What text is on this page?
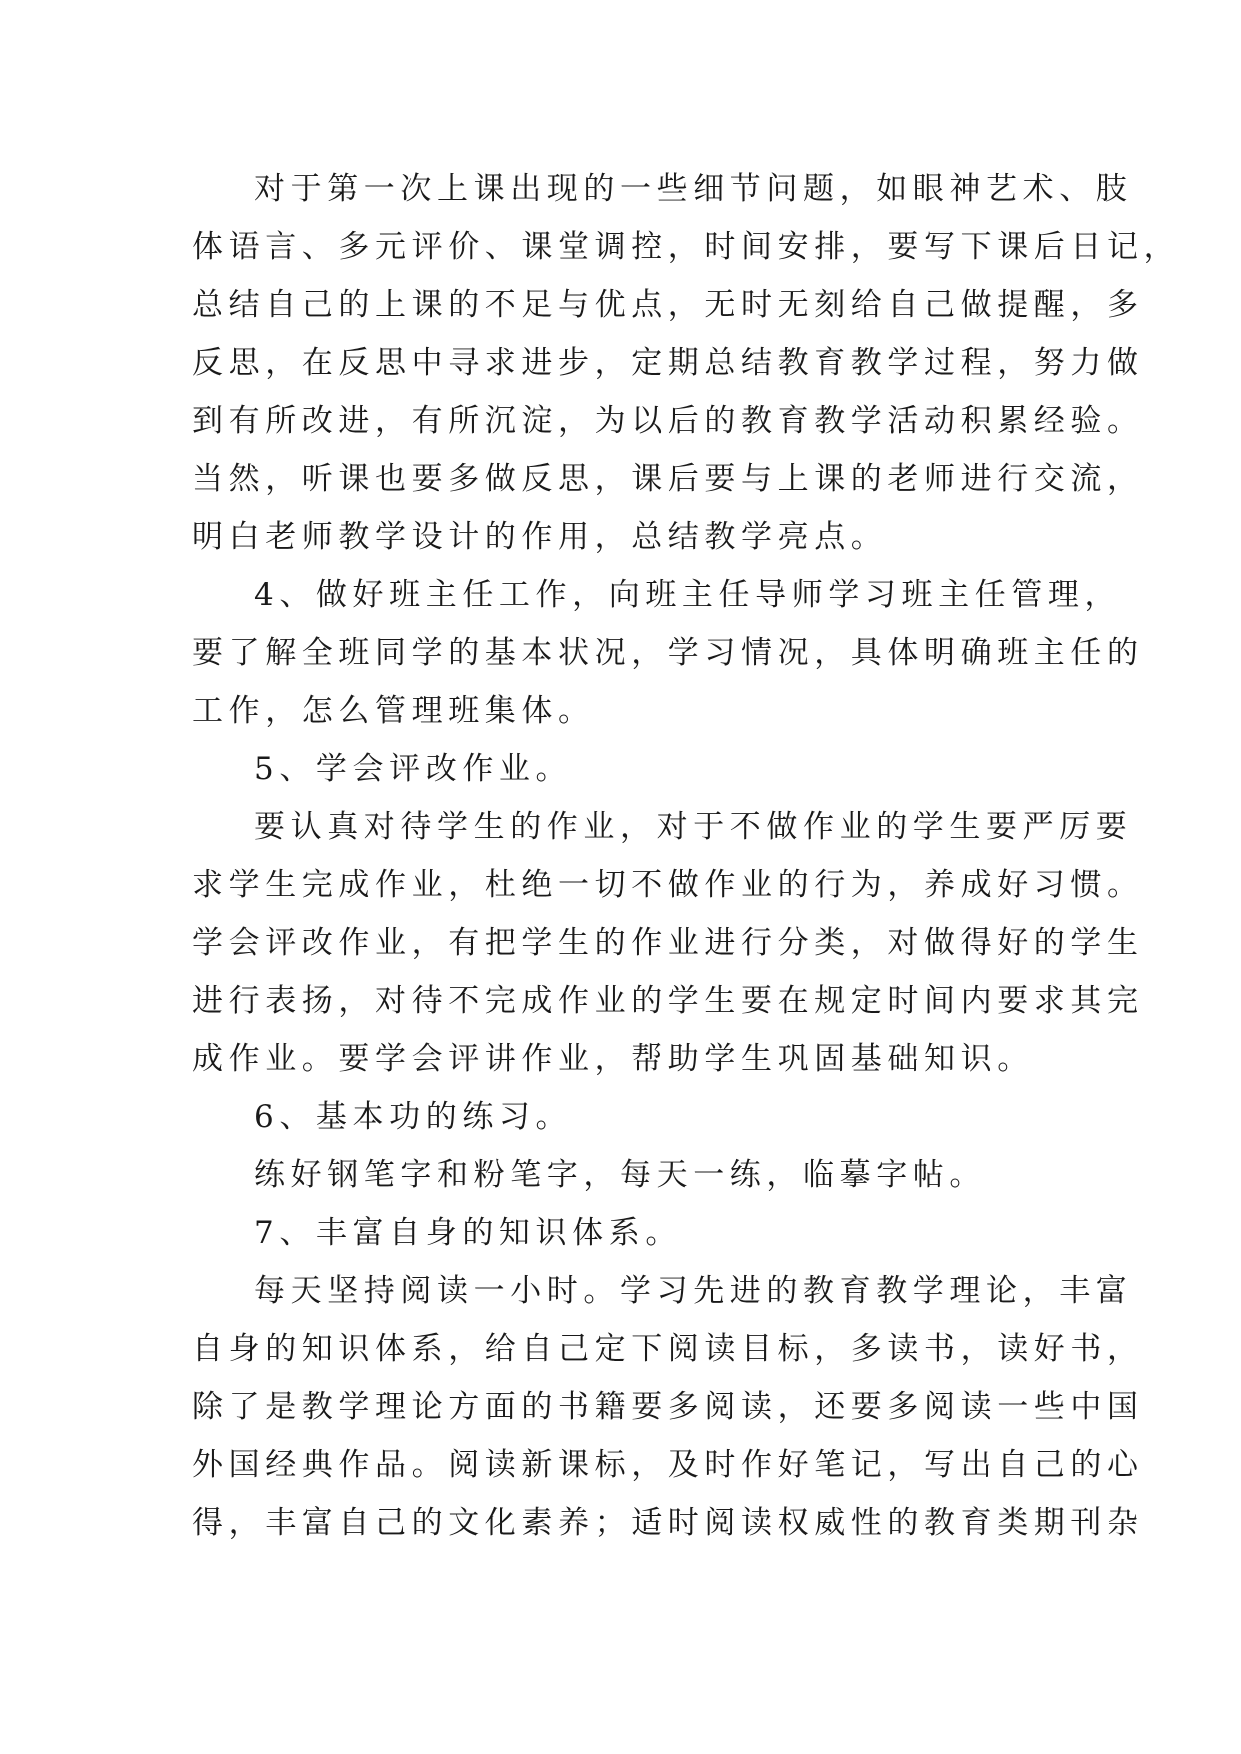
对于第一次上课出现的一些细节问题，如眼神艺术、肢
体语言、多元评价、课堂调控，时间安排，要写下课后日记，
总结自己的上课的不足与优点，无时无刻给自己做提醒，多
反思，在反思中寻求进步，定期总结教育教学过程，努力做
到有所改进，有所沉淀，为以后的教育教学活动积累经验。
当然，听课也要多做反思，课后要与上课的老师进行交流，
明白老师教学设计的作用，总结教学亮点。
4、做好班主任工作，向班主任导师学习班主任管理，
要了解全班同学的基本状况，学习情况，具体明确班主任的
工作，怎么管理班集体。
5、学会评改作业。
要认真对待学生的作业，对于不做作业的学生要严厉要
求学生完成作业，杜绝一切不做作业的行为，养成好习惯。
学会评改作业，有把学生的作业进行分类，对做得好的学生
进行表扬，对待不完成作业的学生要在规定时间内要求其完
成作业。要学会评讲作业，帮助学生巩固基础知识。
6、基本功的练习。
练好钢笔字和粉笔字，每天一练，临摹字帖。
7、丰富自身的知识体系。
每天坚持阅读一小时。学习先进的教育教学理论，丰富
自身的知识体系，给自己定下阅读目标，多读书，读好书，
除了是教学理论方面的书籍要多阅读，还要多阅读一些中国
外国经典作品。阅读新课标，及时作好笔记，写出自己的心
得，丰富自己的文化素养；适时阅读权威性的教育类期刊杂
